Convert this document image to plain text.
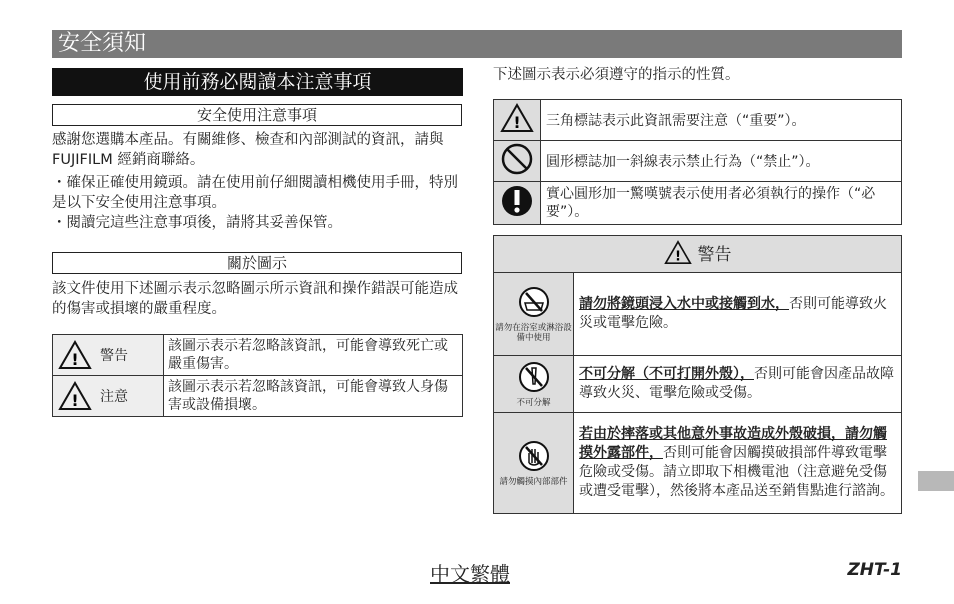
安全須知
使用前務必閱讀本注意事項
安全使用注意事項
感謝您選購本產品。有關維修、檢查和內部測試的資訊，請與 FUJIFILM 經銷商聯絡。
・確保正確使用鏡頭。請在使用前仔細閱讀相機使用手冊，特別是以下安全使用注意事項。
・閱讀完這些注意事項後，請將其妥善保管。
關於圖示
該文件使用下述圖示表示忽略圖示所示資訊和操作錯誤可能造成的傷害或損壞的嚴重程度。
! 警告	該圖示表示若忽略該資訊，可能會導致死亡或嚴重傷害。

! 注意	該圖示表示若忽略該資訊，可能會導致人身傷害或設備損壞。
下述圖示表示必須遵守的指示的性質。
!	三角標誌表示此資訊需要注意（“重要”）。

	圓形標誌加一斜線表示禁止行為（“禁止”）。

	實心圓形加一驚嘆號表示使用者必須執行的操作（“必要”）。
! 警告	

請勿在浴室或淋浴設備中使用	請勿將鏡頭浸入水中或接觸到水，否則可能導致火災或電擊危險。

不可分解	不可分解（不可打開外殼），否則可能會因產品故障導致火災、電擊危險或受傷。

請勿觸摸內部部件	若由於摔落或其他意外事故造成外殼破損，請勿觸摸外露部件，否則可能會因觸摸破損部件導致電擊危險或受傷。請立即取下相機電池（注意避免受傷或遭受電擊），然後將本產品送至銷售點進行諮詢。
中文繁體	ZHT-1
